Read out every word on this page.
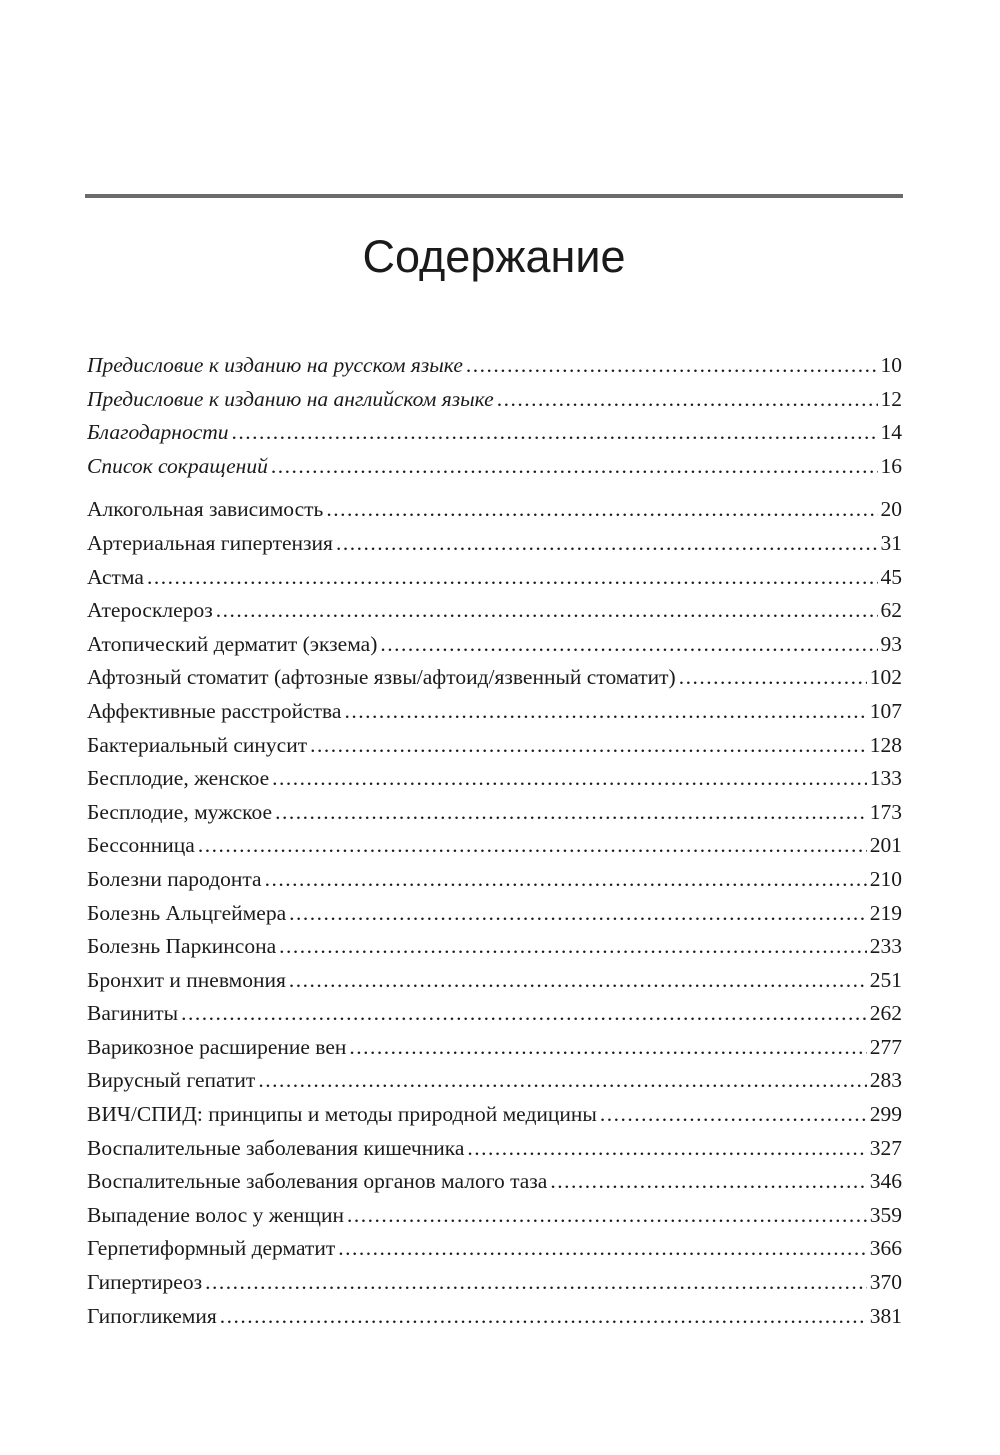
Содержание
Предисловие к изданию на русском языке .....	10
Предисловие к изданию на английском языке .....	12
Благодарности .....	14
Список сокращений .....	16
Алкогольная зависимость .....	20
Артериальная гипертензия .....	31
Астма .....	45
Атеросклероз .....	62
Атопический дерматит (экзема) .....	93
Афтозный стоматит (афтозные язвы/афтоид/язвенный стоматит) .....	102
Аффективные расстройства .....	107
Бактериальный синусит .....	128
Бесплодие, женское .....	133
Бесплодие, мужское .....	173
Бессонница .....	201
Болезни пародонта .....	210
Болезнь Альцгеймера .....	219
Болезнь Паркинсона .....	233
Бронхит и пневмония .....	251
Вагиниты .....	262
Варикозное расширение вен .....	277
Вирусный гепатит .....	283
ВИЧ/СПИД: принципы и методы природной медицины .....	299
Воспалительные заболевания кишечника .....	327
Воспалительные заболевания органов малого таза .....	346
Выпадение волос у женщин .....	359
Герпетиформный дерматит .....	366
Гипертиреоз .....	370
Гипогликемия .....	381
